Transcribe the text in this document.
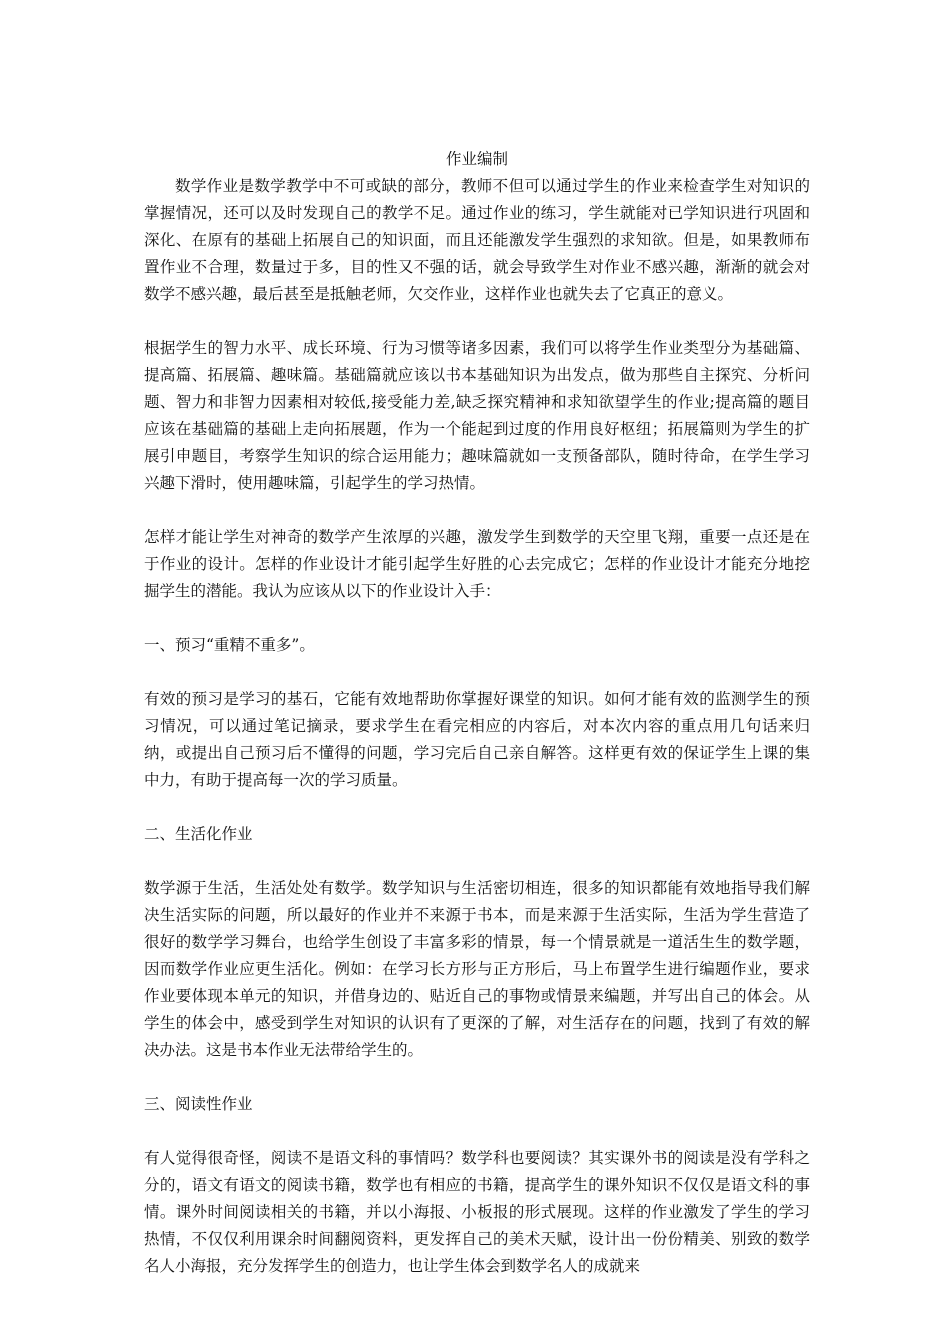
作业编制

数学作业是数学教学中不可或缺的部分，教师不但可以通过学生的作业来检查学生对知识的掌握情况，还可以及时发现自己的教学不足。通过作业的练习，学生就能对已学知识进行巩固和深化、在原有的基础上拓展自己的知识面，而且还能激发学生强烈的求知欲。但是，如果教师布置作业不合理，数量过于多，目的性又不强的话，就会导致学生对作业不感兴趣，渐渐的就会对数学不感兴趣，最后甚至是抵触老师，欠交作业，这样作业也就失去了它真正的意义。

根据学生的智力水平、成长环境、行为习惯等诸多因素，我们可以将学生作业类型分为基础篇、提高篇、拓展篇、趣味篇。基础篇就应该以书本基础知识为出发点，做为那些自主探究、分析问题、智力和非智力因素相对较低,接受能力差,缺乏探究精神和求知欲望学生的作业;提高篇的题目应该在基础篇的基础上走向拓展题，作为一个能起到过度的作用良好枢纽；拓展篇则为学生的扩展引申题目，考察学生知识的综合运用能力；趣味篇就如一支预备部队，随时待命，在学生学习兴趣下滑时，使用趣味篇，引起学生的学习热情。

怎样才能让学生对神奇的数学产生浓厚的兴趣，激发学生到数学的天空里飞翔，重要一点还是在于作业的设计。怎样的作业设计才能引起学生好胜的心去完成它；怎样的作业设计才能充分地挖掘学生的潜能。我认为应该从以下的作业设计入手：

一、预习“重精不重多”。

有效的预习是学习的基石，它能有效地帮助你掌握好课堂的知识。如何才能有效的监测学生的预习情况，可以通过笔记摘录，要求学生在看完相应的内容后，对本次内容的重点用几句话来归纳，或提出自己预习后不懂得的问题，学习完后自己亲自解答。这样更有效的保证学生上课的集中力，有助于提高每一次的学习质量。

二、生活化作业

数学源于生活，生活处处有数学。数学知识与生活密切相连，很多的知识都能有效地指导我们解决生活实际的问题，所以最好的作业并不来源于书本，而是来源于生活实际，生活为学生营造了很好的数学学习舞台，也给学生创设了丰富多彩的情景，每一个情景就是一道活生生的数学题，因而数学作业应更生活化。例如：在学习长方形与正方形后，马上布置学生进行编题作业，要求作业要体现本单元的知识，并借身边的、贴近自己的事物或情景来编题，并写出自己的体会。从学生的体会中，感受到学生对知识的认识有了更深的了解，对生活存在的问题，找到了有效的解决办法。这是书本作业无法带给学生的。

三、阅读性作业

有人觉得很奇怪，阅读不是语文科的事情吗？数学科也要阅读？其实课外书的阅读是没有学科之分的，语文有语文的阅读书籍，数学也有相应的书籍，提高学生的课外知识不仅仅是语文科的事情。课外时间阅读相关的书籍，并以小海报、小板报的形式展现。这样的作业激发了学生的学习热情，不仅仅利用课余时间翻阅资料，更发挥自己的美术天赋，设计出一份份精美、别致的数学名人小海报，充分发挥学生的创造力，也让学生体会到数学名人的成就来
